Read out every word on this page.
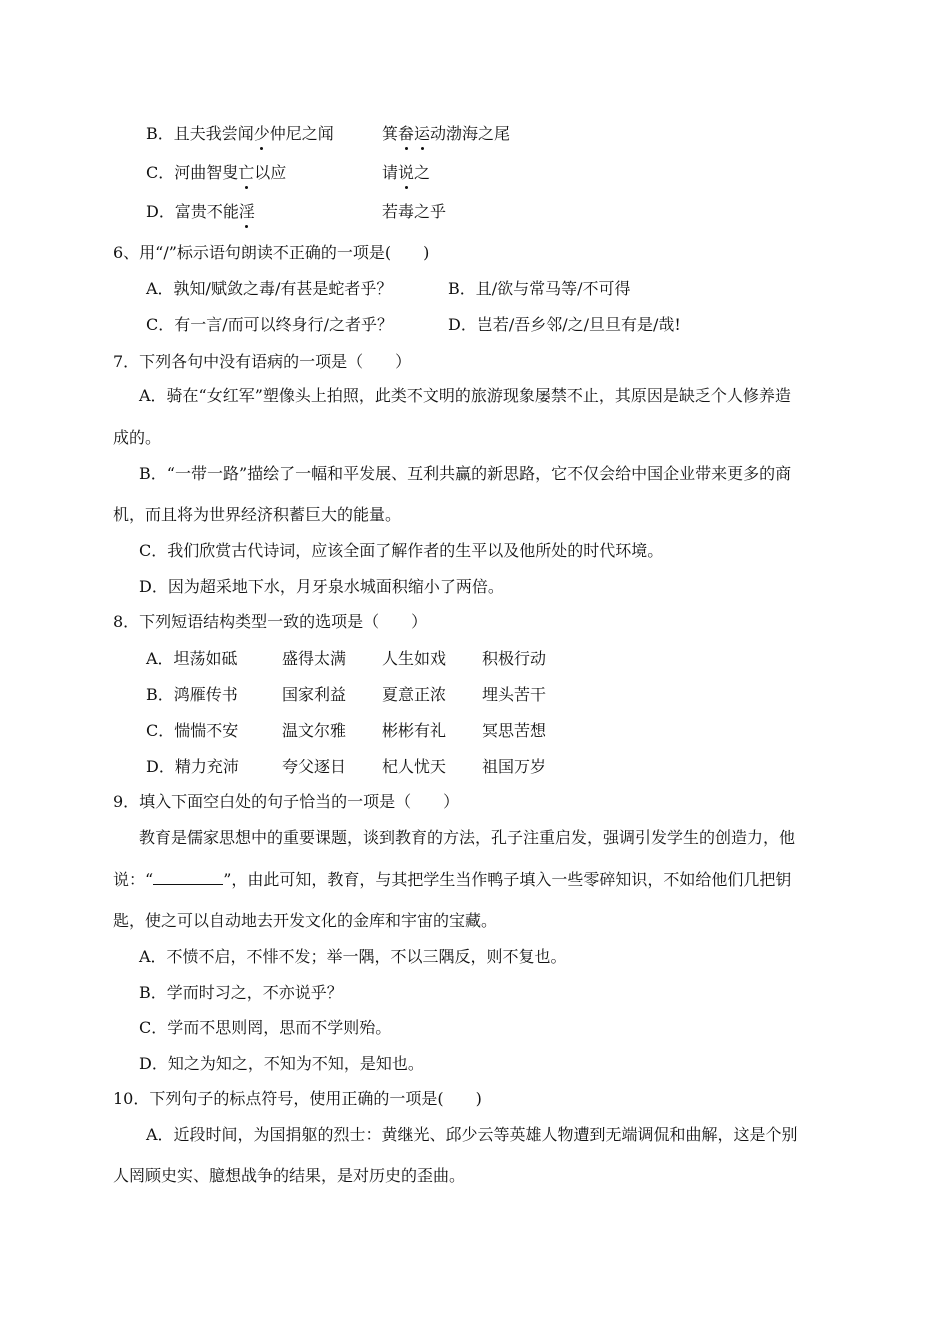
B．且夫我尝闻少仲尼之闻	箕畚运动渤海之尾
C．河曲智叟亡以应	请说之
D．富贵不能淫	若毒之乎
6、用“/”标示语句朗读不正确的一项是(　　)
A．孰知/赋敛之毒/有甚是蛇者乎？	B．且/欲与常马等/不可得
C．有一言/而可以终身行/之者乎？	D．岂若/吾乡邻/之/旦旦有是/哉!
7．下列各句中没有语病的一项是（　　）
A．骑在“女红军”塑像头上拍照，此类不文明的旅游现象屡禁不止，其原因是缺乏个人修养造
成的。
B．“一带一路”描绘了一幅和平发展、互利共赢的新思路，它不仅会给中国企业带来更多的商
机，而且将为世界经济积蓄巨大的能量。
C．我们欣赏古代诗词，应该全面了解作者的生平以及他所处的时代环境。
D．因为超采地下水，月牙泉水城面积缩小了两倍。
8．下列短语结构类型一致的选项是（　　）
A．坦荡如砥	盛得太满 人生如戏 积极行动
B．鸿雁传书	国家利益 夏意正浓 埋头苦干
C．惴惴不安	温文尔雅 彬彬有礼 冥思苦想
D．精力充沛	夸父逐日 杞人忧天 祖国万岁
9．填入下面空白处的句子恰当的一项是（　　）
教育是儒家思想中的重要课题，谈到教育的方法，孔子注重启发，强调引发学生的创造力，他
说：“	”，由此可知，教育，与其把学生当作鸭子填入一些零碎知识，不如给他们几把钥
匙，使之可以自动地去开发文化的金库和宇宙的宝藏。
A．不愤不启，不悱不发；举一隅，不以三隅反，则不复也。
B．学而时习之，不亦说乎？
C．学而不思则罔，思而不学则殆。
D．知之为知之，不知为不知，是知也。
10．下列句子的标点符号，使用正确的一项是(　　)
A．近段时间，为国捐躯的烈士：黄继光、邱少云等英雄人物遭到无端调侃和曲解，这是个别
人罔顾史实、臆想战争的结果，是对历史的歪曲。
